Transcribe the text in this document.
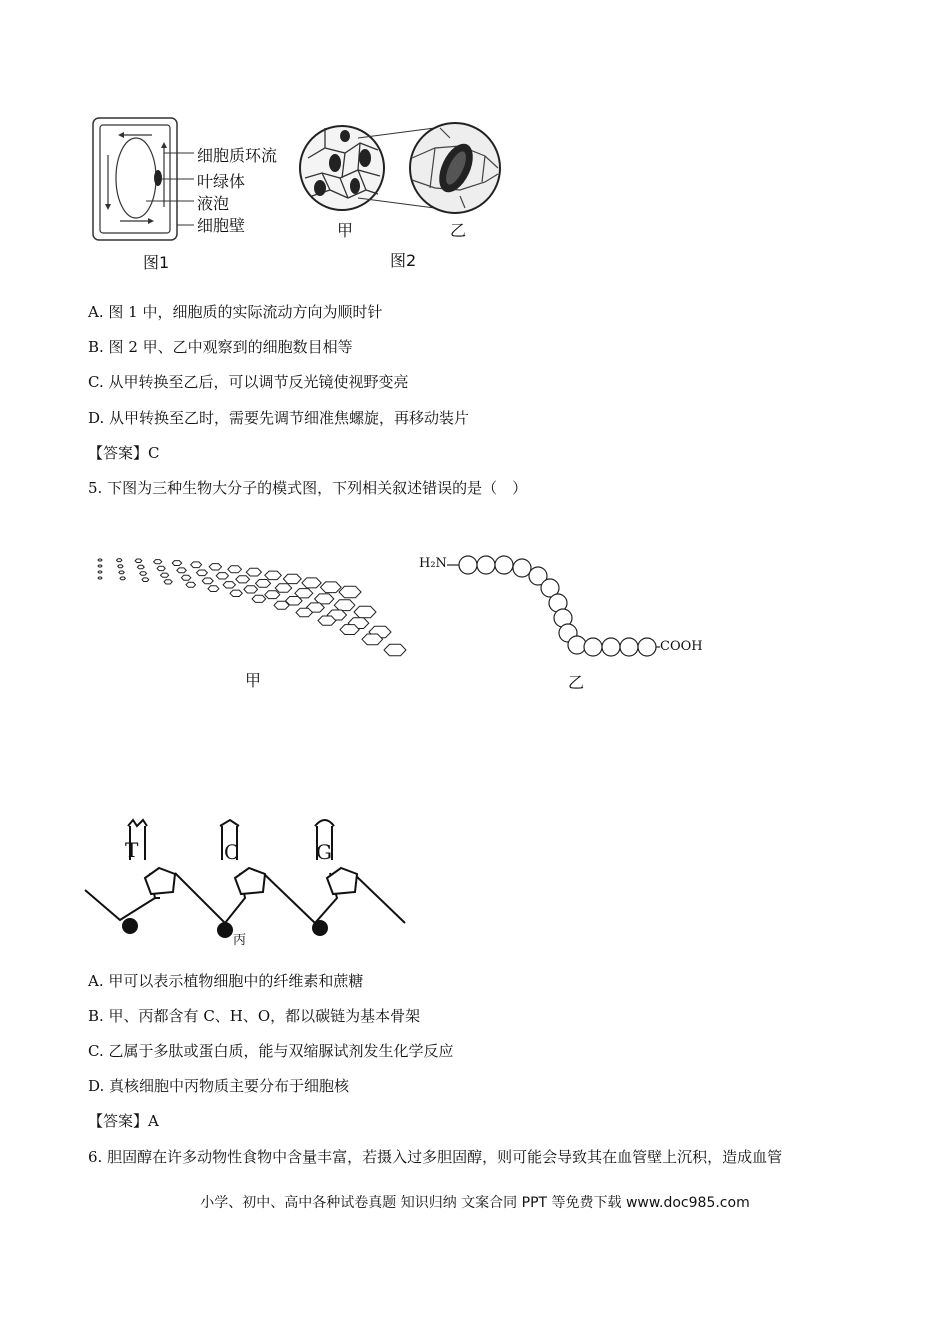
细胞质环流
叶绿体
液泡
细胞壁
图1
甲	乙
图2
A. 图 1 中，细胞质的实际流动方向为顺时针
B. 图 2 甲、乙中观察到的细胞数目相等
C. 从甲转换至乙后，可以调节反光镜使视野变亮
D. 从甲转换至乙时，需要先调节细准焦螺旋，再移动装片
【答案】C
5. 下图为三种生物大分子的模式图，下列相关叙述错误的是（　）
甲
H₂N
COOH
乙
T	C	G
丙
A. 甲可以表示植物细胞中的纤维素和蔗糖
B. 甲、丙都含有 C、H、O，都以碳链为基本骨架
C. 乙属于多肽或蛋白质，能与双缩脲试剂发生化学反应
D. 真核细胞中丙物质主要分布于细胞核
【答案】A
6. 胆固醇在许多动物性食物中含量丰富，若摄入过多胆固醇，则可能会导致其在血管壁上沉积，造成血管
小学、初中、高中各种试卷真题 知识归纳 文案合同 PPT 等免费下载 www.doc985.com
